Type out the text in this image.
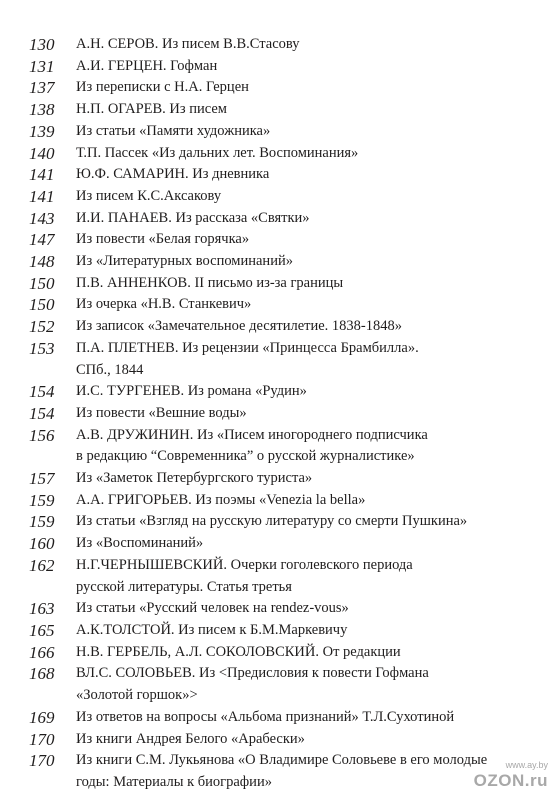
130	А.Н. СЕРОВ. Из писем В.В.Стасову
131	А.И. ГЕРЦЕН. Гофман
137	Из переписки с Н.А. Герцен
138	Н.П. ОГАРЕВ. Из писем
139	Из статьи «Памяти художника»
140	Т.П. Пассек «Из дальних лет. Воспоминания»
141	Ю.Ф. САМАРИН. Из дневника
141	Из писем К.С.Аксакову
143	И.И. ПАНАЕВ. Из рассказа «Святки»
147	Из повести «Белая горячка»
148	Из «Литературных воспоминаний»
150	П.В. АННЕНКОВ. II письмо из-за границы
150	Из очерка «Н.В. Станкевич»
152	Из записок «Замечательное десятилетие. 1838-1848»
153	П.А. ПЛЕТНЕВ. Из рецензии «Принцесса Брамбилла».
СПб., 1844
154	И.С. ТУРГЕНЕВ. Из романа «Рудин»
154	Из повести «Вешние воды»
156	А.В. ДРУЖИНИН. Из «Писем иногороднего подписчика
в редакцию “Современника” о русской журналистике»
157	Из «Заметок Петербургского туриста»
159	А.А. ГРИГОРЬЕВ. Из поэмы «Venezia la bella»
159	Из статьи «Взгляд на русскую литературу со смерти Пушкина»
160	Из «Воспоминаний»
162	Н.Г.ЧЕРНЫШЕВСКИЙ. Очерки гоголевского периода
русской литературы. Статья третья
163	Из статьи «Русский человек на rendez-vous»
165	А.К.ТОЛСТОЙ. Из писем к Б.М.Маркевичу
166	Н.В. ГЕРБЕЛЬ, А.Л. СОКОЛОВСКИЙ. От редакции
168	ВЛ.С. СОЛОВЬЕВ. Из <Предисловия к повести Гофмана
«Золотой горшок»>
169	Из ответов на вопросы «Альбома признаний» Т.Л.Сухотиной
170	Из книги Андрея Белого «Арабески»
170	Из книги С.М. Лукьянова «О Владимире Соловьеве в его молодые
годы: Материалы к биографии»
www.ay.by
OZON.ru
